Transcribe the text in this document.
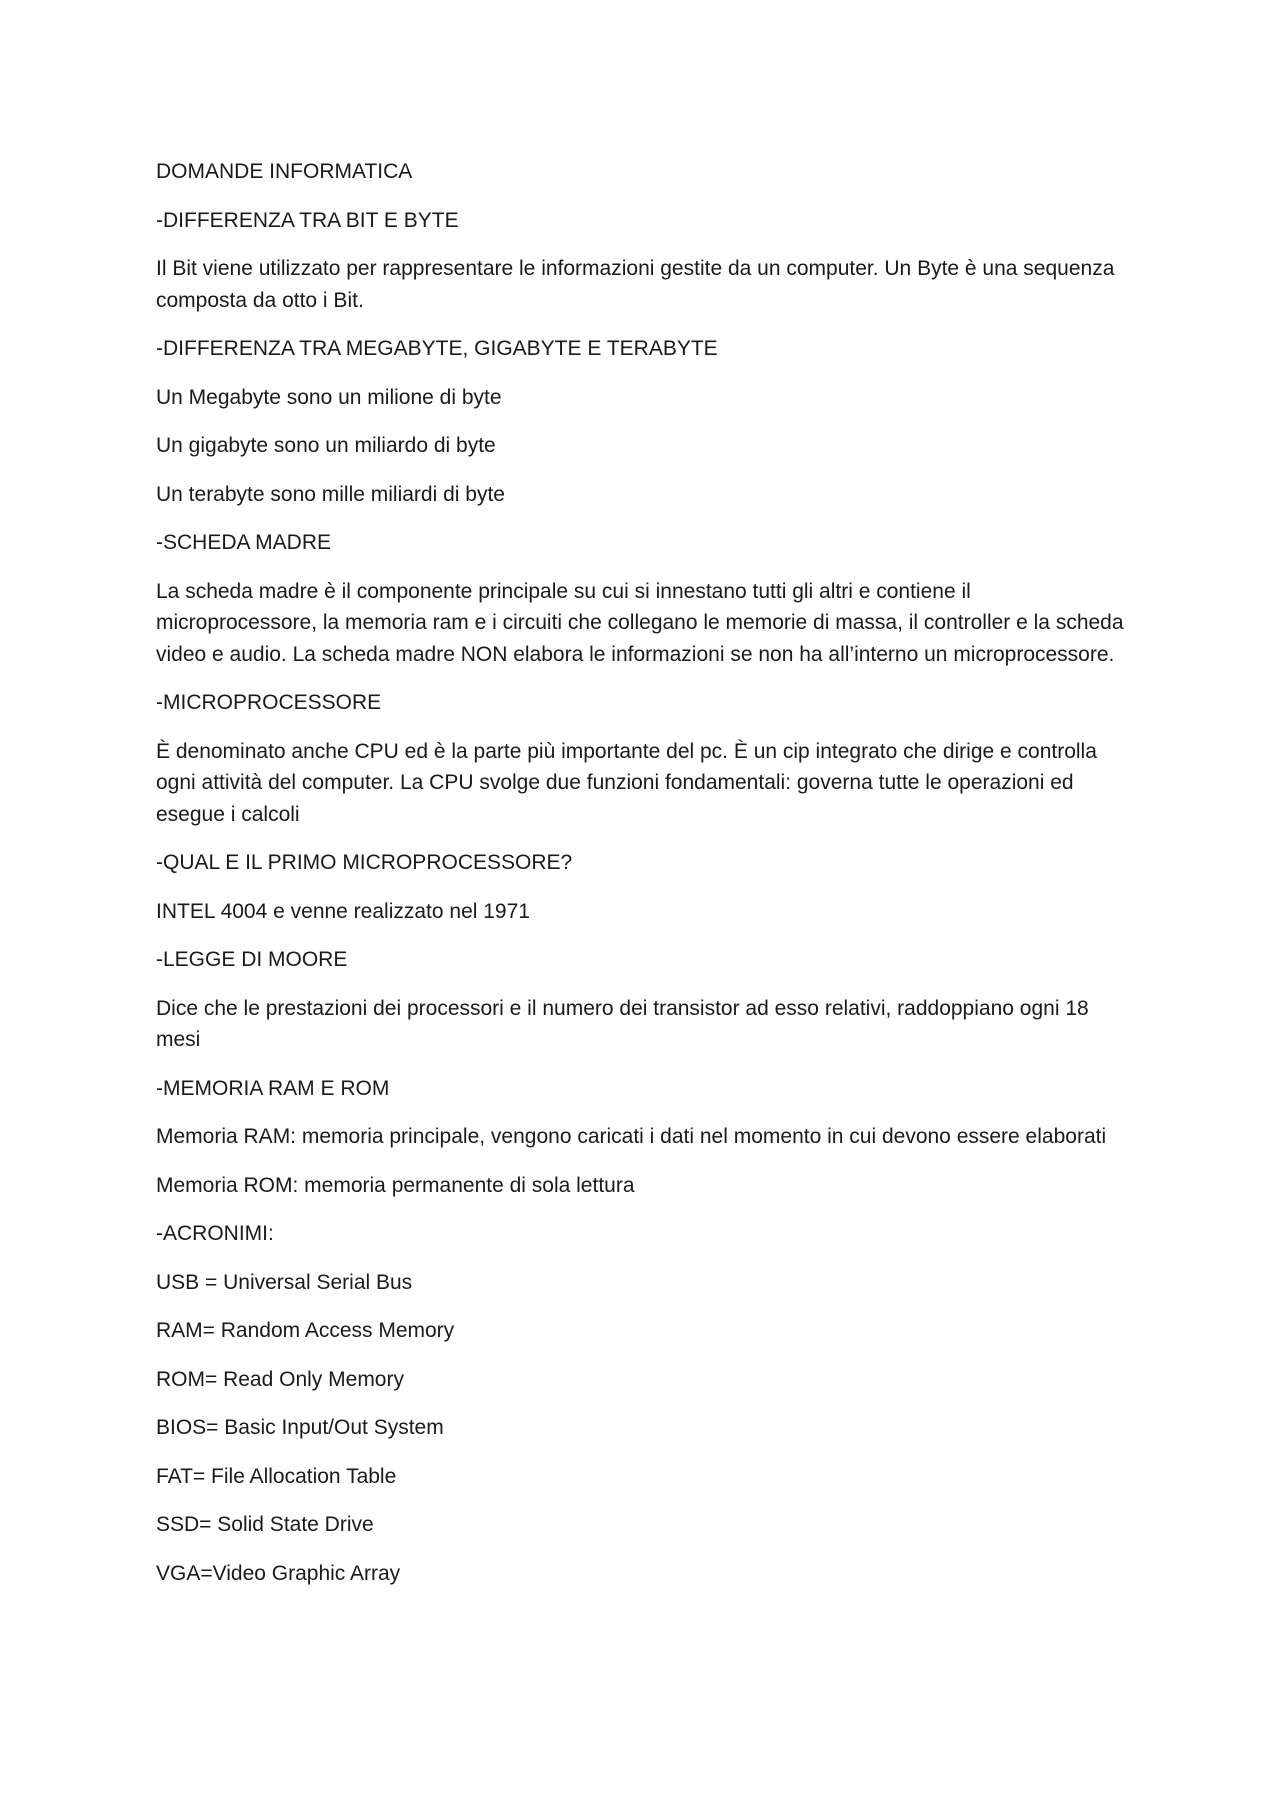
DOMANDE INFORMATICA

-DIFFERENZA TRA BIT E BYTE

Il Bit viene utilizzato per rappresentare le informazioni gestite da un computer. Un Byte è una sequenza composta da otto i Bit.

-DIFFERENZA TRA MEGABYTE, GIGABYTE E TERABYTE

Un Megabyte sono un milione di byte

Un gigabyte sono un miliardo di byte

Un terabyte sono mille miliardi di byte

-SCHEDA MADRE

La scheda madre è il componente principale su cui si innestano tutti gli altri e contiene il microprocessore, la memoria ram e i circuiti che collegano le memorie di massa, il controller e la scheda video e audio. La scheda madre NON elabora le informazioni se non ha all’interno un microprocessore.

-MICROPROCESSORE

È denominato anche CPU ed è la parte più importante del pc. È un cip integrato che dirige e controlla ogni attività del computer. La CPU svolge due funzioni fondamentali: governa tutte le operazioni ed esegue i calcoli

-QUAL E IL PRIMO MICROPROCESSORE?

INTEL 4004 e venne realizzato nel 1971

-LEGGE DI MOORE

Dice che le prestazioni dei processori e il numero dei transistor ad esso relativi, raddoppiano ogni 18 mesi

-MEMORIA RAM E ROM

Memoria RAM: memoria principale, vengono caricati i dati nel momento in cui devono essere elaborati

Memoria ROM: memoria permanente di sola lettura

-ACRONIMI:

USB = Universal Serial Bus

RAM= Random Access Memory

ROM= Read Only Memory

BIOS= Basic Input/Out System

FAT= File Allocation Table

SSD= Solid State Drive

VGA=Video Graphic Array
